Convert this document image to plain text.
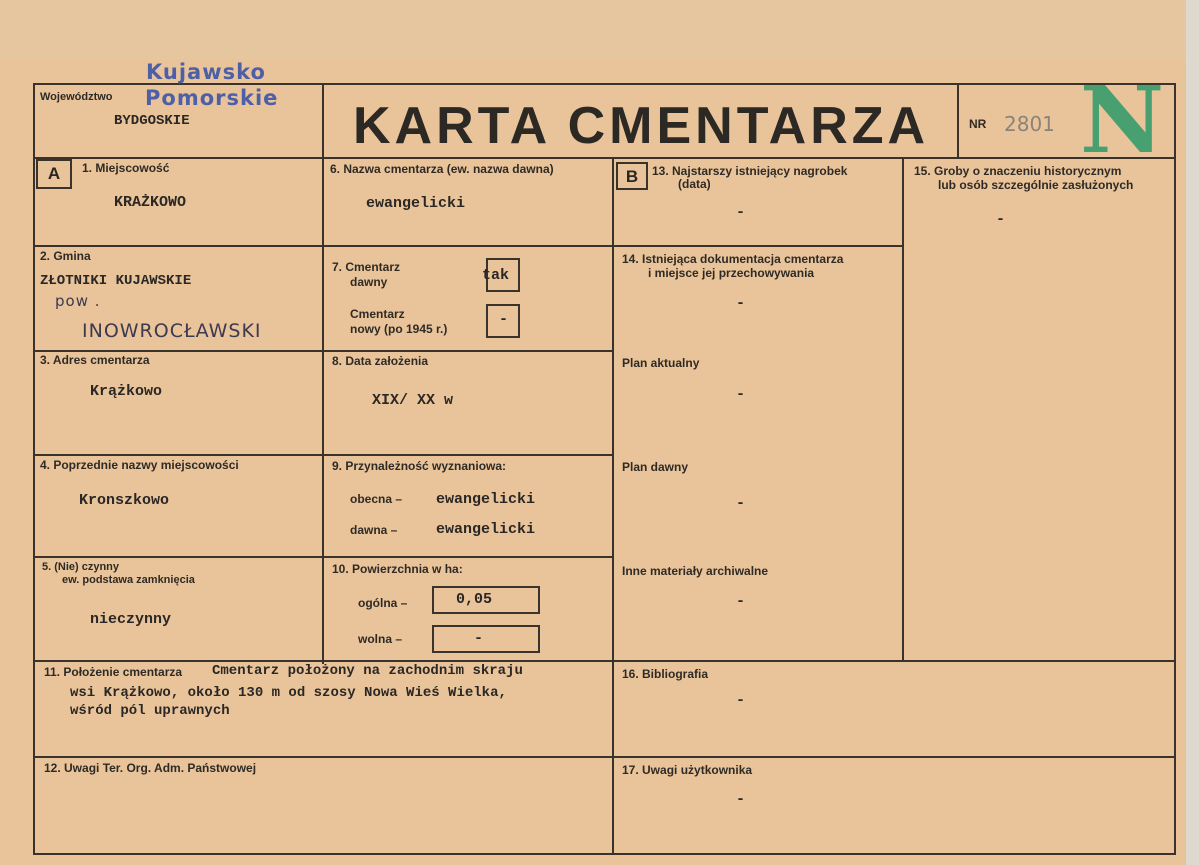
Województwo
BYDGOSKIE
Kujawsko
Pomorskie KARTA CMENTARZA	NR 2801 N
A	1. Miejscowość
KRAŻKOWO
2. Gmina
ZŁOTNIKI KUJAWSKIE
pow .
INOWROCŁAWSKI
3. Adres cmentarza
Krążkowo
4. Poprzednie nazwy miejscowości
Kronszkowo
5. (Nie) czynny
ew. podstawa zamknięcia
nieczynny
6. Nazwa cmentarza (ew. nazwa dawna)
ewangelicki
7. Cmentarz
dawny	tak
Cmentarz
nowy (po 1945 r.)
-
8. Data założenia
XIX/ XX w
9. Przynależność wyznaniowa:
obecna – ewangelicki
dawna –	ewangelicki
10. Powierzchnia w ha:
ogólna –	0,05
wolna –	-
11. Położenie cmentarza Cmentarz położony na zachodnim skraju
wsi Krążkowo, około 130 m od szosy Nowa Wieś Wielka,
wśród pól uprawnych
12. Uwagi Ter. Org. Adm. Państwowej
B	13. Najstarszy istniejący nagrobek
(data)
-
14. Istniejąca dokumentacja cmentarza
i miejsce jej przechowywania
-
Plan aktualny
-
Plan dawny
-
Inne materiały archiwalne
-
15. Groby o znaczeniu historycznym
lub osób szczególnie zasłużonych
-
16. Bibliografia
-
17. Uwagi użytkownika
-
